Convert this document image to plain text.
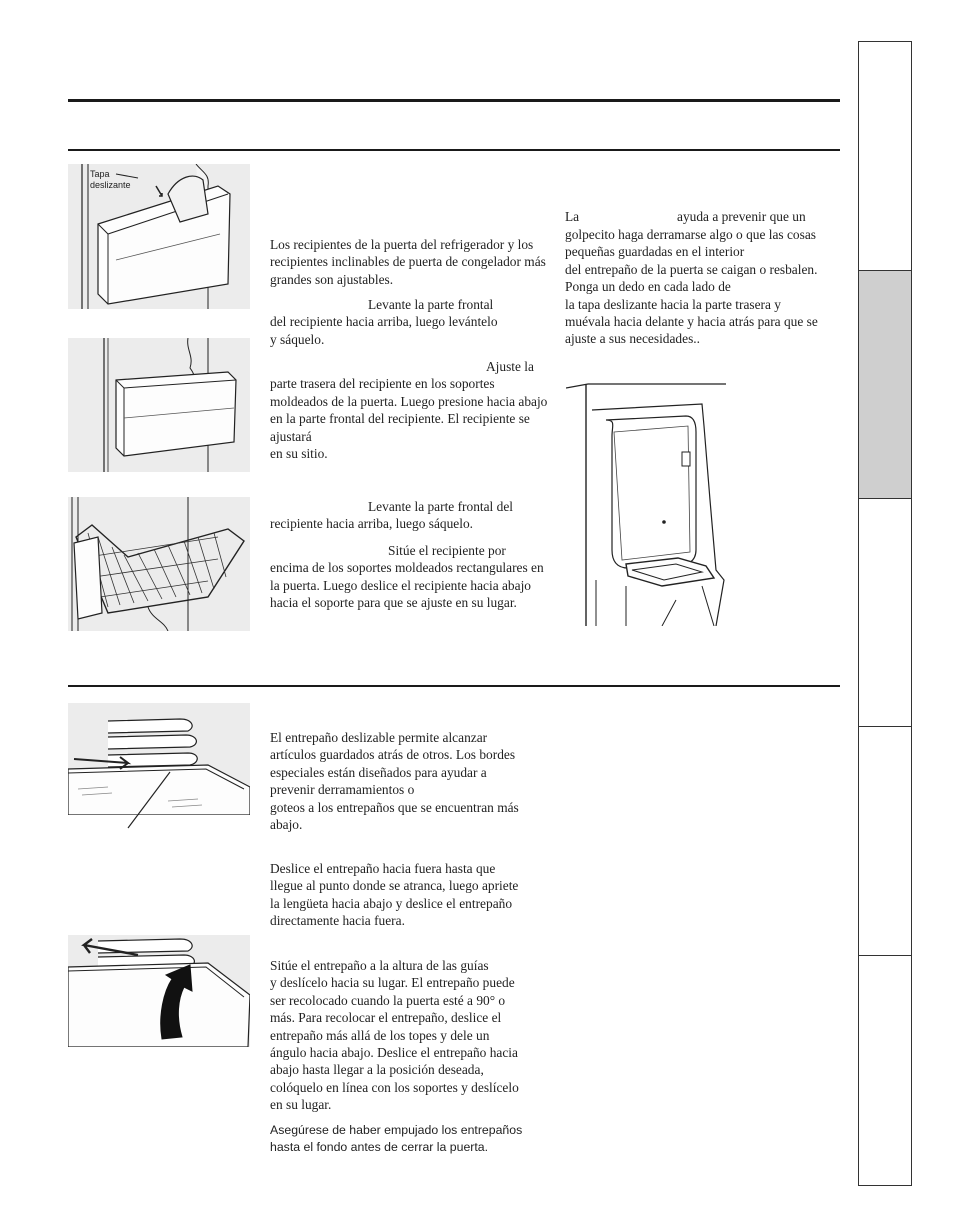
Tapa
deslizante

Los recipientes de la puerta del refrigerador y los recipientes inclinables de puerta de congelador más grandes son ajustables.

Levante la parte frontal
del recipiente hacia arriba, luego levántelo
y sáquelo.

Ajuste la
parte trasera del recipiente en los soportes moldeados de la puerta. Luego presione hacia abajo en la parte frontal del recipiente. El recipiente se ajustará
en su sitio.

Levante la parte frontal del
recipiente hacia arriba, luego sáquelo.

Sitúe el recipiente por
encima de los soportes moldeados rectangulares en la puerta. Luego deslice el recipiente hacia abajo hacia el soporte para que se ajuste en su lugar.

La	ayuda a prevenir que un

golpecito haga derramarse algo o que las cosas
pequeñas guardadas en el interior
del entrepaño de la puerta se caigan o resbalen.
Ponga un dedo en cada lado de
la tapa deslizante hacia la parte trasera y
muévala hacia delante y hacia atrás para que se
ajuste a sus necesidades..

El entrepaño deslizable permite alcanzar
artículos guardados atrás de otros. Los bordes
especiales están diseñados para ayudar a
prevenir derramamientos o
goteos a los entrepaños que se encuentran más
abajo.

Deslice el entrepaño hacia fuera hasta que
llegue al punto donde se atranca, luego apriete
la lengüeta hacia abajo y deslice el entrepaño
directamente hacia fuera.

Sitúe el entrepaño a la altura de las guías
y deslícelo hacia su lugar. El entrepaño puede
ser recolocado cuando la puerta esté a 90° o
más. Para recolocar el entrepaño, deslice el
entrepaño más allá de los topes y dele un
ángulo hacia abajo. Deslice el entrepaño hacia
abajo hasta llegar a la posición deseada,
colóquelo en línea con los soportes y deslícelo
en su lugar.

Asegúrese de haber empujado los entrepaños
hasta el fondo antes de cerrar la puerta.
